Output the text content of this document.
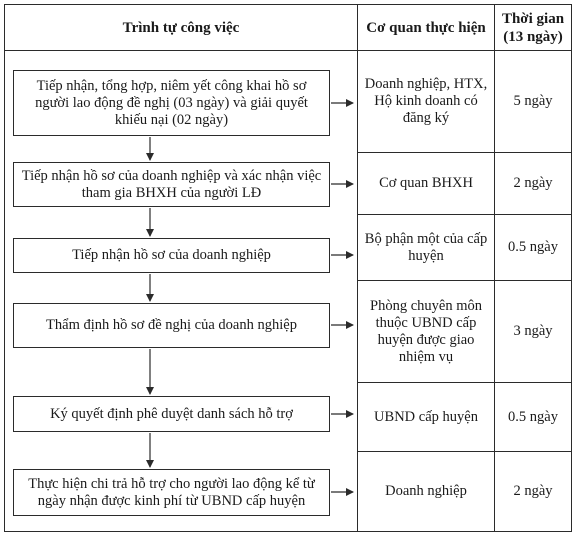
Trình tự công việc	Cơ quan thực hiện
Thời gian
(13 ngày)
Tiếp nhận, tổng hợp, niêm yết công khai hồ sơ người lao động đề nghị (03 ngày) và giải quyết khiếu nại (02 ngày)
Tiếp nhận hồ sơ của doanh nghiệp và xác nhận việc tham gia BHXH của người LĐ
Tiếp nhận hồ sơ của doanh nghiệp
Thẩm định hồ sơ đề nghị của doanh nghiệp
Ký quyết định phê duyệt danh sách hỗ trợ
Thực hiện chi trả hỗ trợ cho người lao động kể từ ngày nhận được kinh phí từ UBND cấp huyện
Doanh nghiệp, HTX, Hộ kinh doanh có đăng ký
Cơ quan BHXH
Bộ phận một của cấp huyện
Phòng chuyên môn thuộc UBND cấp huyện được giao nhiệm vụ
UBND cấp huyện
Doanh nghiệp
5 ngày
2 ngày
0.5 ngày
3 ngày
0.5 ngày
2 ngày
